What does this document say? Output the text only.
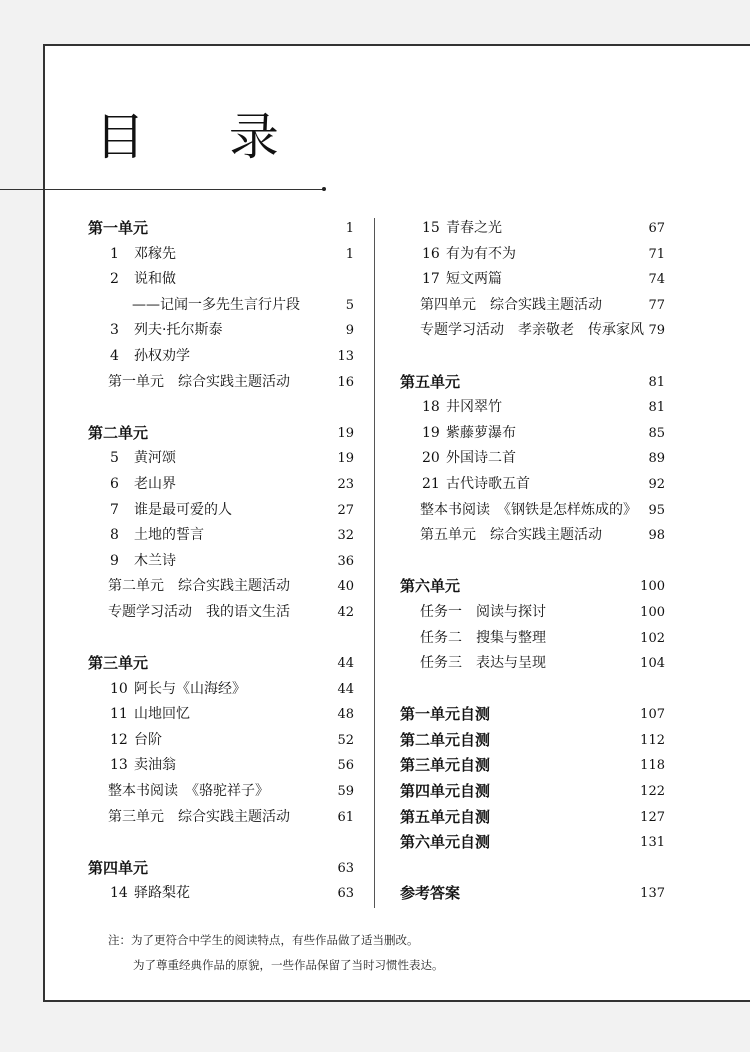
目 录
第一单元	1
1 邓稼先	1
2 说和做
——记闻一多先生言行片段	5
3 列夫·托尔斯泰	9
4 孙权劝学	13
第一单元　综合实践主题活动	16
第二单元	19
5 黄河颂	19
6 老山界	23
7 谁是最可爱的人	27
8 土地的誓言	32
9 木兰诗	36
第二单元　综合实践主题活动	40
专题学习活动　我的语文生活	42
第三单元	44
10 阿长与《山海经》	44
11 山地回忆	48
12 台阶	52
13 卖油翁	56
整本书阅读　《骆驼祥子》	59
第三单元　综合实践主题活动	61
第四单元	63
14 驿路梨花	63
15 青春之光	67
16 有为有不为	71
17 短文两篇	74
第四单元　综合实践主题活动	77
专题学习活动　孝亲敬老　传承家风 79
第五单元	81
18 井冈翠竹	81
19 紫藤萝瀑布	85
20 外国诗二首	89
21 古代诗歌五首	92
整本书阅读　《钢铁是怎样炼成的》 95
第五单元　综合实践主题活动	98
第六单元	100
任务一　阅读与探讨	100
任务二　搜集与整理	102
任务三　表达与呈现	104
第一单元自测	107
第二单元自测	112
第三单元自测	118
第四单元自测	122
第五单元自测	127
第六单元自测	131
参考答案	137
注：为了更符合中学生的阅读特点，有些作品做了适当删改。
为了尊重经典作品的原貌，一些作品保留了当时习惯性表达。
